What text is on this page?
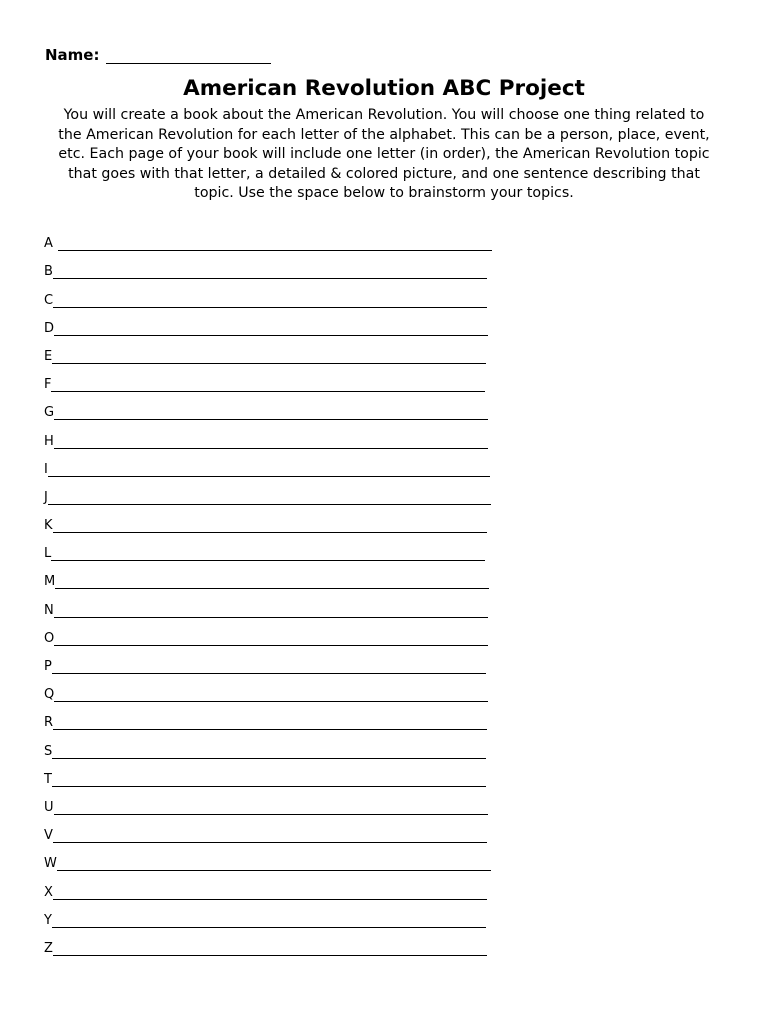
Name:
American Revolution ABC Project

You will create a book about the American Revolution. You will choose one thing related to the American Revolution for each letter of the alphabet. This can be a person, place, event, etc. Each page of your book will include one letter (in order), the American Revolution topic that goes with that letter, a detailed & colored picture, and one sentence describing that topic. Use the space below to brainstorm your topics.

A
B
C
D
E
F
G
H
I
J
K
L
M
N
O
P
Q
R
S
T
U
V
W
X
Y
Z
